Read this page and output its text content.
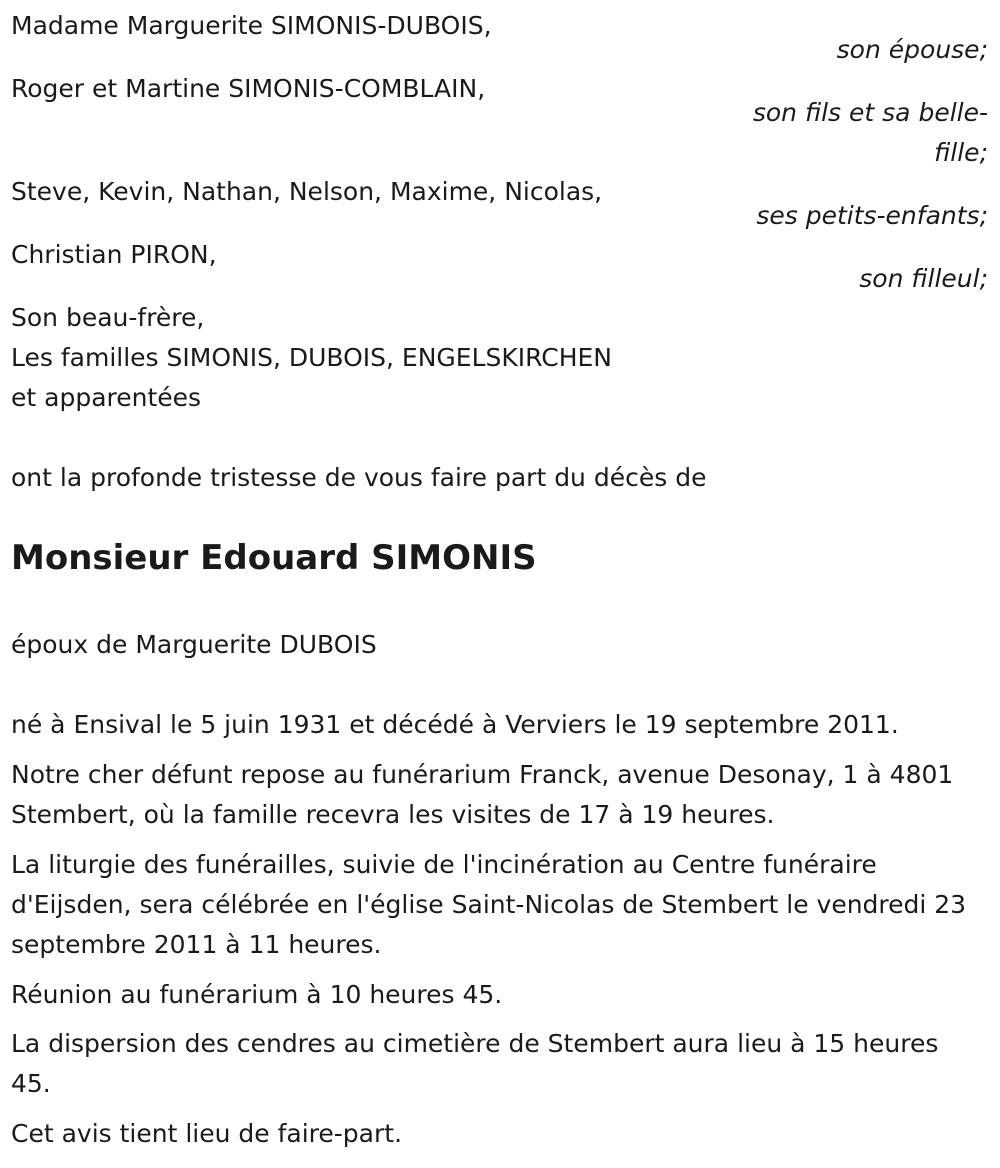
Madame Marguerite SIMONIS-DUBOIS,
son épouse;
Roger et Martine SIMONIS-COMBLAIN,
son fils et sa belle-
fille;
Steve, Kevin, Nathan, Nelson, Maxime, Nicolas,
ses petits-enfants;
Christian PIRON,
son filleul;
Son beau-frère,
Les familles SIMONIS, DUBOIS, ENGELSKIRCHEN
et apparentées
ont la profonde tristesse de vous faire part du décès de
Monsieur Edouard SIMONIS
époux de Marguerite DUBOIS
né à Ensival le 5 juin 1931 et décédé à Verviers le 19 septembre 2011.
Notre cher défunt repose au funérarium Franck, avenue Desonay, 1 à 4801 Stembert, où la famille recevra les visites de 17 à 19 heures.
La liturgie des funérailles, suivie de l'incinération au Centre funéraire d'Eijsden, sera célébrée en l'église Saint-Nicolas de Stembert le vendredi 23 septembre 2011 à 11 heures.
Réunion au funérarium à 10 heures 45.
La dispersion des cendres au cimetière de Stembert aura lieu à 15 heures 45.
Cet avis tient lieu de faire-part.
